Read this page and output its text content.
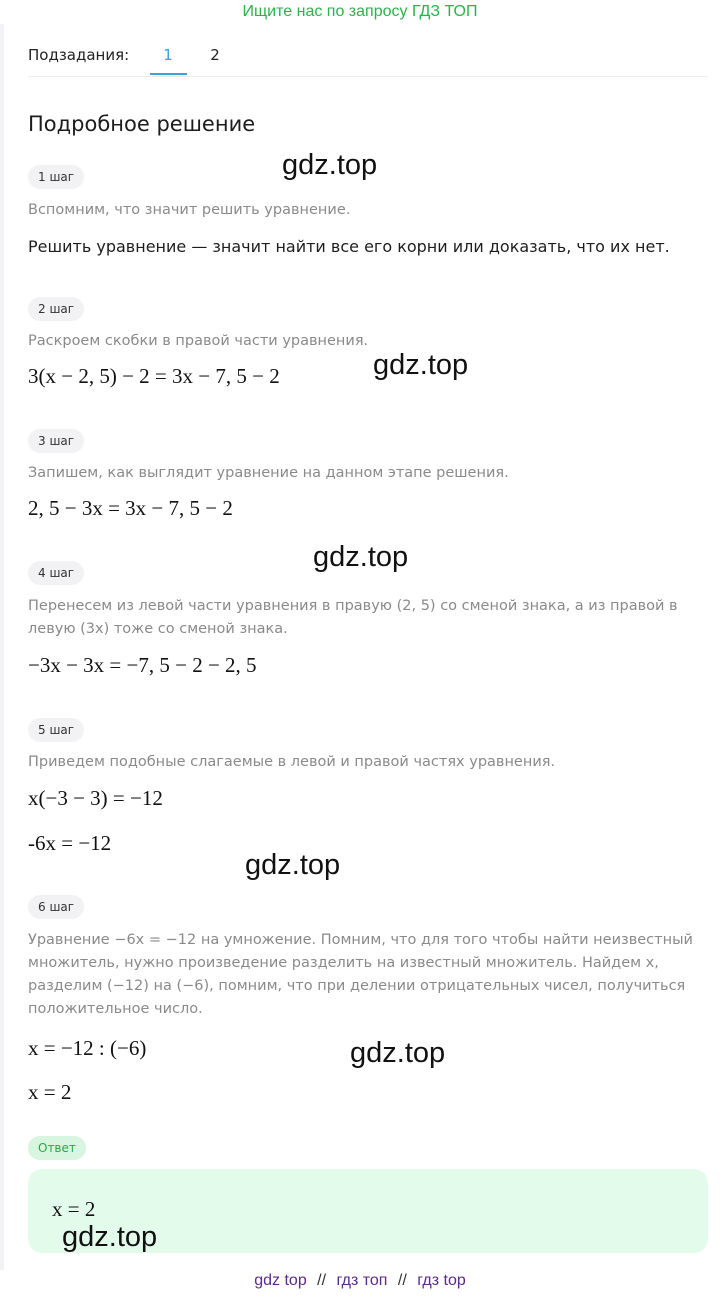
Ищите нас по запросу ГДЗ ТОП
Подзадания:	1	2
Подробное решение
1 шаг
Вспомним, что значит решить уравнение.
Решить уравнение — значит найти все его корни или доказать, что их нет.
2 шаг
Раскроем скобки в правой части уравнения.
3(x − 2, 5) − 2 = 3x − 7, 5 − 2
3 шаг
Запишем, как выглядит уравнение на данном этапе решения.
2, 5 − 3x = 3x − 7, 5 − 2
4 шаг
Перенесем из левой части уравнения в правую (2, 5) со сменой знака, а из правой в левую (3x) тоже со сменой знака.
−3x − 3x = −7, 5 − 2 − 2, 5
5 шаг
Приведем подобные слагаемые в левой и правой частях уравнения.
x(−3 − 3) = −12
-6x = −12
6 шаг
Уравнение −6x = −12 на умножение. Помним, что для того чтобы найти неизвестный множитель, нужно произведение разделить на известный множитель. Найдем x, разделим (−12) на (−6), помним, что при делении отрицательных чисел, получиться положительное число.
x = −12 : (−6)
x = 2
Ответ
x = 2
gdz.top
gdz.top
gdz.top
gdz.top
gdz.top
gdz.top
gdz top // гдз топ // гдз top
